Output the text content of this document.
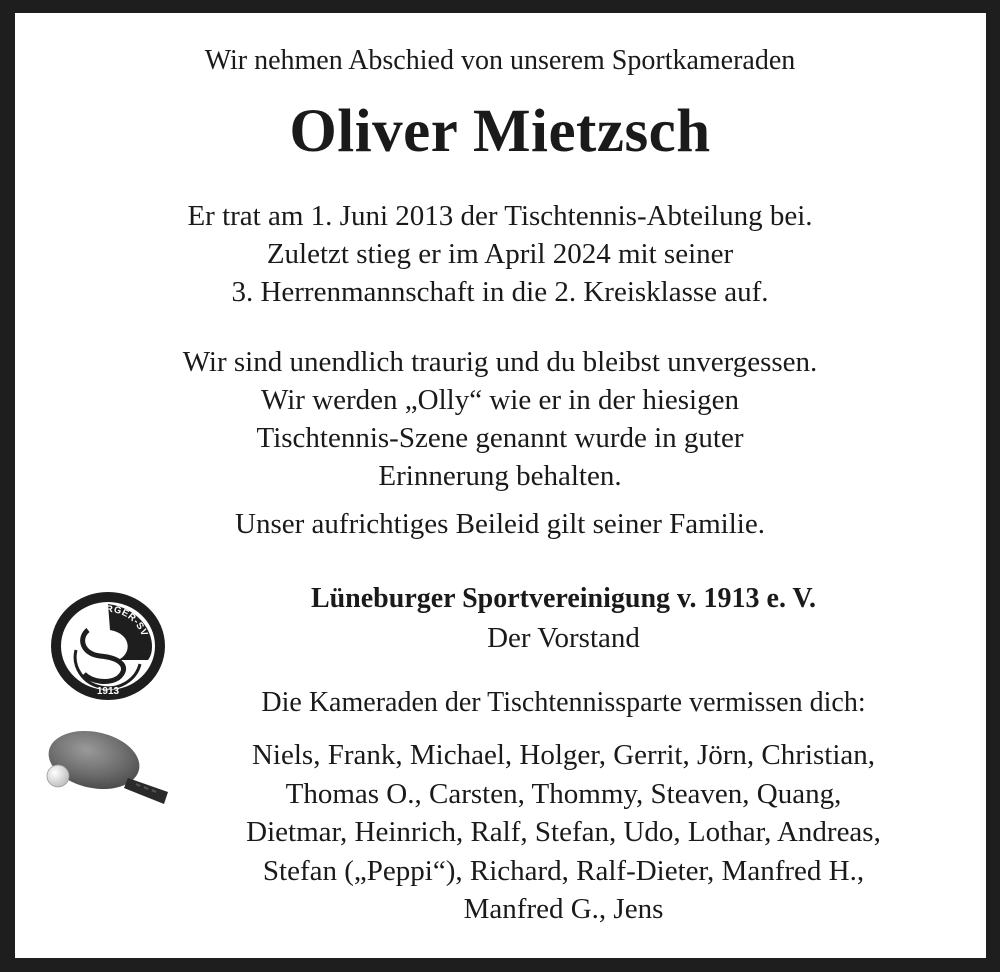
Wir nehmen Abschied von unserem Sportkameraden
Oliver Mietzsch
Er trat am 1. Juni 2013 der Tischtennis-Abteilung bei.
Zuletzt stieg er im April 2024 mit seiner
3. Herrenmannschaft in die 2. Kreisklasse auf.
Wir sind unendlich traurig und du bleibst unvergessen.
Wir werden „Olly“ wie er in der hiesigen
Tischtennis-Szene genannt wurde in guter
Erinnerung behalten.
Unser aufrichtiges Beileid gilt seiner Familie.
LÜNEBURGER-SV
1913
Lüneburger Sportvereinigung v. 1913 e. V.
Der Vorstand
Die Kameraden der Tischtennissparte vermissen dich:
Niels, Frank, Michael, Holger, Gerrit, Jörn, Christian,
Thomas O., Carsten, Thommy, Steaven, Quang,
Dietmar, Heinrich, Ralf, Stefan, Udo, Lothar, Andreas,
Stefan („Peppi“), Richard, Ralf-Dieter, Manfred H.,
Manfred G., Jens
